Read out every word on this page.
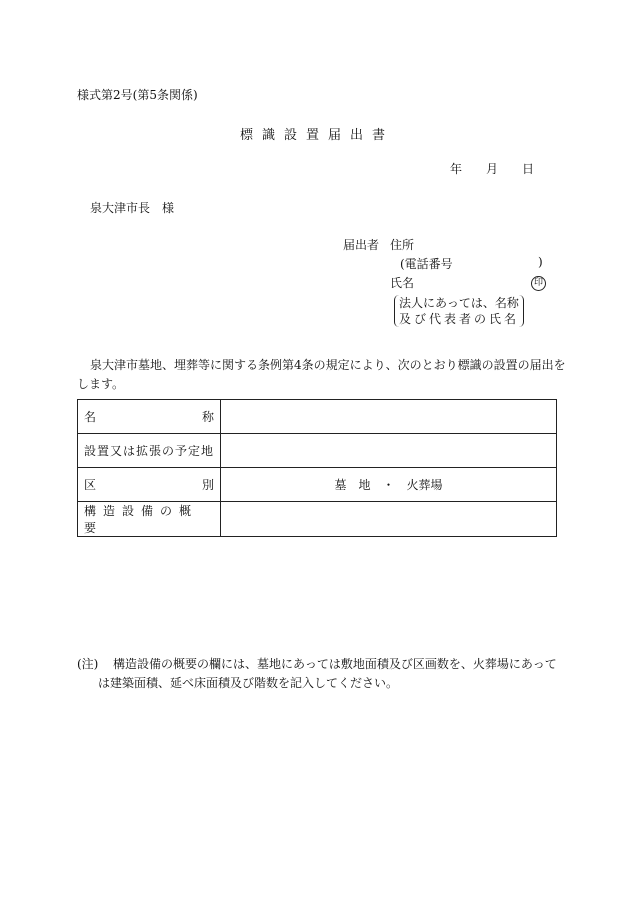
様式第2号(第5条関係)
標識設置届出書
年 月 日
泉大津市長　様
届出者 住所
(電話番号	)
氏名	印
法人にあっては、名称
及び代表者の氏名
泉大津市墓地、埋葬等に関する条例第4条の規定により、次のとおり標識の設置の届出を
します。
名 称	

設置又は拡張の予定地	

区 別	墓　地　・　火葬場
構造設備の概要	
(注) 構造設備の概要の欄には、墓地にあっては敷地面積及び区画数を、火葬場にあって
は建築面積、延べ床面積及び階数を記入してください。
